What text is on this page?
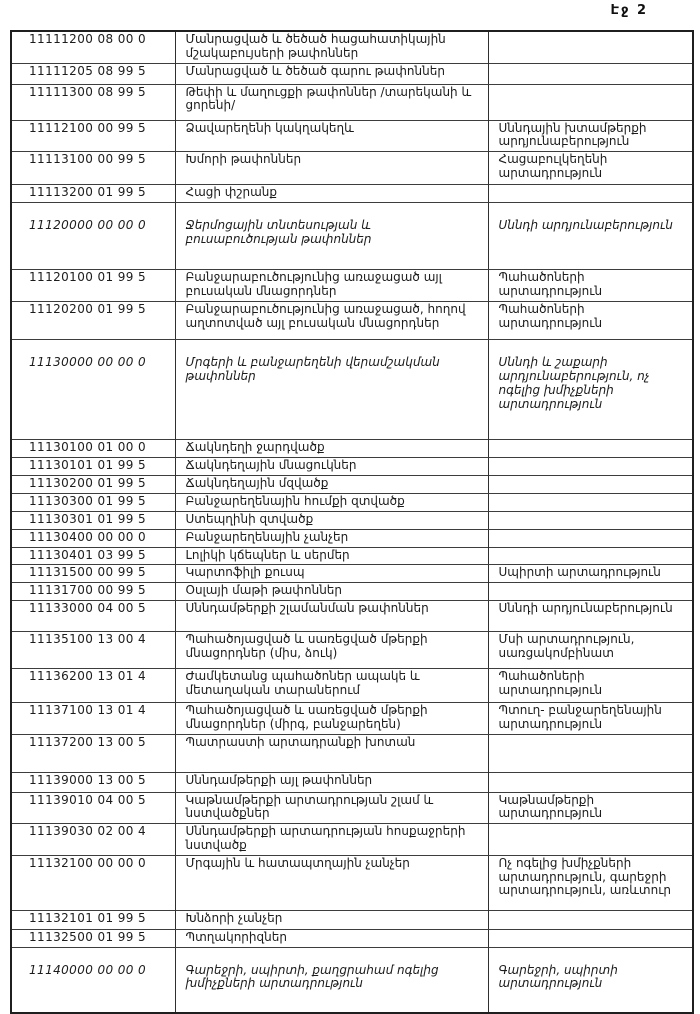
Էջ 2
11111200 08 00 0	Մանրացված և ծեծած հացահատիկային մշակաբույսերի թափոններ	
11111205 08 99 5	Մանրացված և ծեծած գարու թափոններ	
11111300 08 99 5	Թեփի և մաղուցքի թափոններ /տարեկանի և ցորենի/	
11112100 00 99 5	Ձավարեղենի կակղակեղև	Սննդային խտամթերքի արդյունաբերություն
11113100 00 99 5	Խմորի թափոններ	Հացաբուլկեղենի արտադրություն
11113200 01 99 5	Հացի փշրանք	
11120000 00 00 0	Ջերմոցային տնտեսության և բուսաբուծության թափոններ	Սննդի արդյունաբերություն
11120100 01 99 5	Բանջարաբուծությունից առաջացած այլ բուսական մնացորդներ	Պահածոների արտադրություն
11120200 01 99 5	Բանջարաբուծությունից առաջացած, հողով աղտոտված այլ բուսական մնացորդներ	Պահածոների արտադրություն
11130000 00 00 0	Մրգերի և բանջարեղենի վերամշակման թափոններ	Սննդի և շաքարի արդյունաբերություն, ոչ ոգելից խմիչքների արտադրություն
11130100 01 00 0	Ճակնդեղի ջարդվածք	
11130101 01 99 5	Ճակնդեղային մնացուկներ	
11130200 01 99 5	Ճակնդեղային մզվածք	
11130300 01 99 5	Բանջարեղենային հումքի զտվածք	
11130301 01 99 5	Ստեպղինի զտվածք	
11130400 00 00 0	Բանջարեղենային չանչեր	
11130401 03 99 5	Լոլիկի կճեպներ և սերմեր	
11131500 00 99 5	Կարտոֆիլի քուսպ	Սպիրտի արտադրություն
11131700 00 99 5	Օսլայի մաթի թափոններ	
11133000 04 00 5	Սննդամթերքի շլամանման թափոններ	Սննդի արդյունաբերություն
11135100 13 00 4	Պահածոյացված և սառեցված մթերքի մնացորդներ (միս, ձուկ)	Մսի արտադրություն, սառցակոմբինատ
11136200 13 01 4	Ժամկետանց պահածոներ ապակե և մետաղական տարաներում	Պահածոների արտադրություն
11137100 13 01 4	Պահածոյացված և սառեցված մթերքի մնացորդներ (միրգ, բանջարեղեն)	Պտուղ- բանջարեղենային արտադրություն
11137200 13 00 5	Պատրաստի արտադրանքի խոտան	
11139000 13 00 5	Սննդամթերքի այլ թափոններ	
11139010 04 00 5	Կաթնամթերքի արտադրության շլամ և նստվածքներ	Կաթնամթերքի արտադրություն
11139030 02 00 4	Սննդամթերքի արտադրության հոսքաջրերի նստվածք	
11132100 00 00 0	Մրգային և հատապտղային չանչեր	Ոչ ոգելից խմիչքների արտադրություն, գարեջրի արտադրություն, առևտուր
11132101 01 99 5	Խնձորի չանչեր	
11132500 01 99 5	Պտղակորիզներ	
11140000 00 00 0	Գարեջրի, սպիրտի, քաղցրահամ ոգելից խմիչքների արտադրություն	Գարեջրի, սպիրտի արտադրություն
